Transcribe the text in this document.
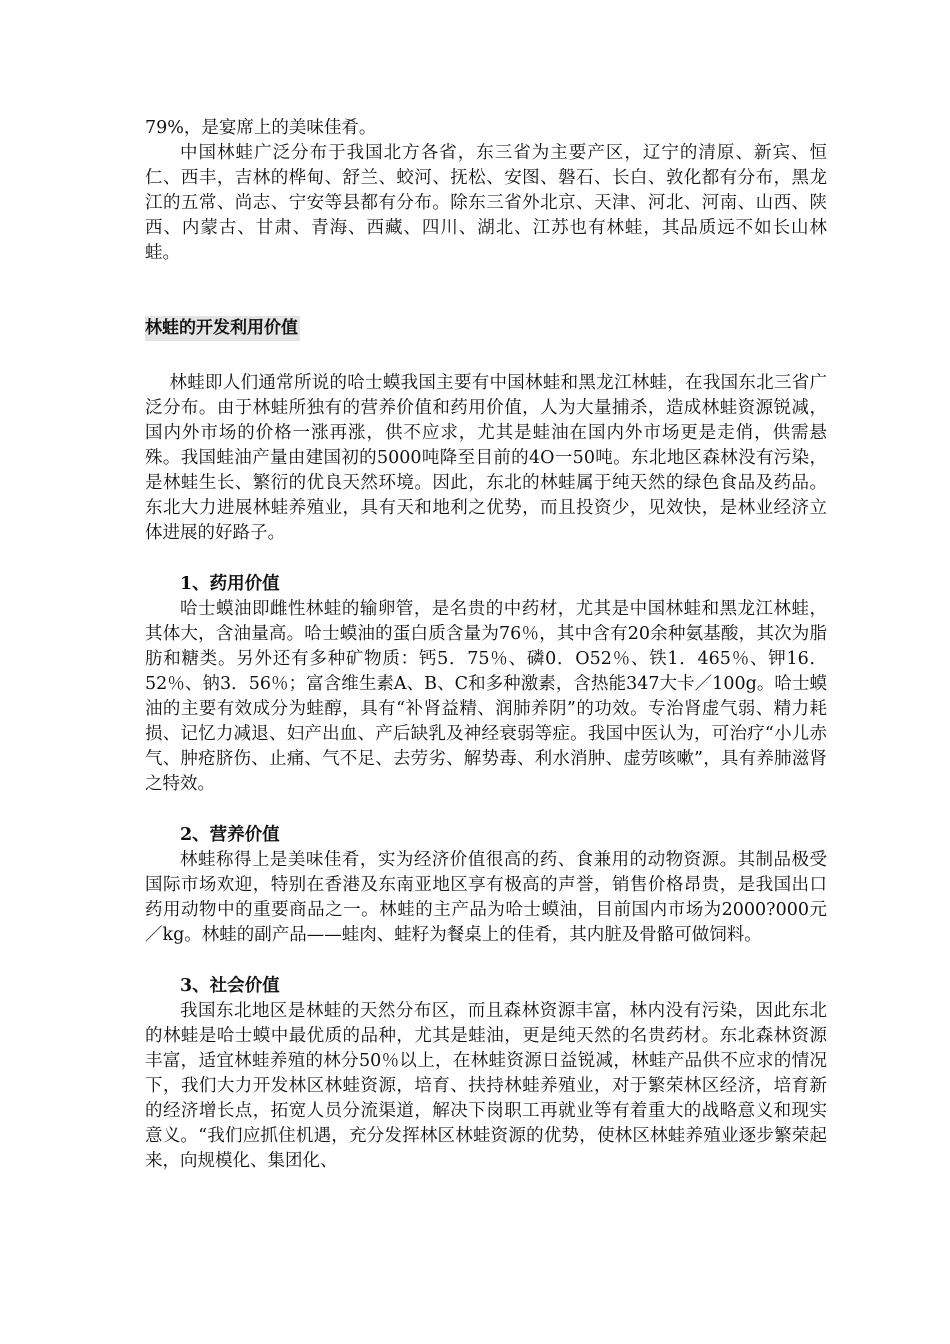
79%，是宴席上的美味佳肴。

中国林蛙广泛分布于我国北方各省，东三省为主要产区，辽宁的清原、新宾、恒仁、西丰，吉林的桦甸、舒兰、蛟河、抚松、安图、磐石、长白、敦化都有分布，黑龙江的五常、尚志、宁安等县都有分布。除东三省外北京、天津、河北、河南、山西、陕西、内蒙古、甘肃、青海、西藏、四川、湖北、江苏也有林蛙，其品质远不如长山林蛙。

林蛙的开发利用价值

林蛙即人们通常所说的哈士蟆我国主要有中国林蛙和黑龙江林蛙，在我国东北三省广泛分布。由于林蛙所独有的营养价值和药用价值，人为大量捕杀，造成林蛙资源锐减，国内外市场的价格一涨再涨，供不应求，尤其是蛙油在国内外市场更是走俏，供需悬殊。我国蛙油产量由建国初的5000吨降至目前的4O一50吨。东北地区森林没有污染，是林蛙生长、繁衍的优良天然环境。因此，东北的林蛙属于纯天然的绿色食品及药品。东北大力进展林蛙养殖业，具有天和地利之优势，而且投资少，见效快，是林业经济立体进展的好路子。

1、药用价值

哈士蟆油即雌性林蛙的输卵管，是名贵的中药材，尤其是中国林蛙和黑龙江林蛙，其体大，含油量高。哈士蟆油的蛋白质含量为76％，其中含有20余种氨基酸，其次为脂肪和糖类。另外还有多种矿物质：钙5．75％、磷0．O52％、铁1．465％、钾16．52％、钠3．56％；富含维生素A、B、C和多种激素，含热能347大卡／100g。哈士蟆油的主要有效成分为蛙醇，具有“补肾益精、润肺养阴”的功效。专治肾虚气弱、精力耗损、记忆力减退、妇产出血、产后缺乳及神经衰弱等症。我国中医认为，可治疗“小儿赤气、肿疮脐伤、止痛、气不足、去劳劣、解势毒、利水消肿、虚劳咳嗽”，具有养肺滋肾之特效。

2、营养价值

林蛙称得上是美味佳肴，实为经济价值很高的药、食兼用的动物资源。其制品极受国际市场欢迎，特别在香港及东南亚地区享有极高的声誉，销售价格昂贵，是我国出口药用动物中的重要商品之一。林蛙的主产品为哈士蟆油，目前国内市场为2000?000元／kg。林蛙的副产品——蛙肉、蛙籽为餐桌上的佳肴，其内脏及骨骼可做饲料。

3、社会价值

我国东北地区是林蛙的天然分布区，而且森林资源丰富，林内没有污染，因此东北的林蛙是哈士蟆中最优质的品种，尤其是蛙油，更是纯天然的名贵药材。东北森林资源丰富，适宜林蛙养殖的林分50％以上，在林蛙资源日益锐减，林蛙产品供不应求的情况下，我们大力开发林区林蛙资源，培育、扶持林蛙养殖业，对于繁荣林区经济，培育新的经济增长点，拓宽人员分流渠道，解决下岗职工再就业等有着重大的战略意义和现实意义。“我们应抓住机遇，充分发挥林区林蛙资源的优势，使林区林蛙养殖业逐步繁荣起来，向规模化、集团化、
